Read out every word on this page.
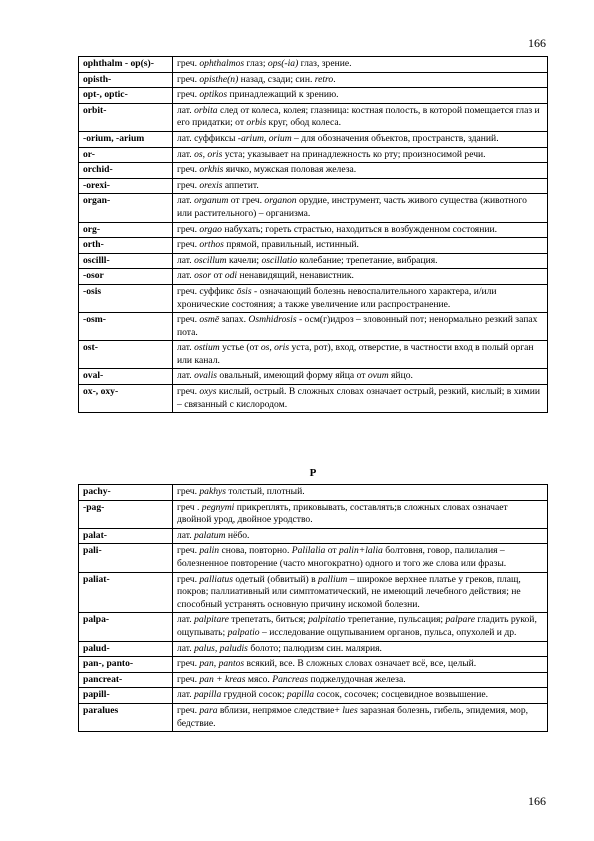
166
ophthalm - op(s)-	греч. ophthalmos глаз; ops(-ia) глаз, зрение.
opisth-	греч. opisthe(n) назад, сзади; син. retro.
opt-, optic-	греч. optikos принадлежащий к зрению.
orbit-	лат. orbita след от колеса, колея; глазница: костная полость, в которой помещается глаз и его придатки; от orbis круг, обод колеса.
-orium, -arium	лат. суффиксы -arium, orium – для обозначения объектов, пространств, зданий.
or-	лат. os, oris уста; указывает на принадлежность ко рту; произносимой речи.
orchid-	греч. orkhis яичко, мужская половая железа.
-orexi-	греч. orexis аппетит.
organ-	лат. organum от греч. organon орудие, инструмент, часть живого существа (животного или растительного) – организма.
org-	греч. orgao набухать; гореть страстью, находиться в возбужденном состоянии.
orth-	греч. orthos прямой, правильный, истинный.
oscilll-	лат. oscillum качели; oscillatio колебание; трепетание, вибрация.
-osor	лат. osor от odi ненавидящий, ненавистник.
-osis	греч. суффикс ōsis - означающий болезнь невоспалительного характера, и/или хронические состояния; а также увеличение или распространение.
-osm-	греч. osmē запах. Osmhidrosis - осм(г)идроз – зловонный пот; ненормально резкий запах пота.
ost-	лат. ostium устье (от os, oris уста, рот), вход, отверстие, в частности вход в полый орган или канал.
oval-	лат. ovalis овальный, имеющий форму яйца от ovum яйцо.
ox-, oxy-	греч. oxys кислый, острый. В сложных словах означает острый, резкий, кислый; в химии – связанный с кислородом.
P
pachy-	греч. pakhys толстый, плотный.
-pag-	греч . pegnymi прикреплять, приковывать, составлять;в сложных словах означает двойной урод, двойное уродство.
palat-	лат. palatum нёбо.
pali-	греч. palin снова, повторно. Palilalia от palin+lalia болтовня, говор, палилалия – болезненное повторение (часто многократно) одного и того же слова или фразы.
paliat-	греч. palliatus одетый (обвитый) в pallium – широкое верхнее платье у греков, плащ, покров; паллиативный или симптоматический, не имеющий лечебного действия; не способный устранять основную причину искомой болезни.
palpa-	лат. palpitare трепетать, биться; palpitatio трепетание, пульсация; palpare гладить рукой, ощупывать; palpatio – исследование ощупыванием органов, пульса, опухолей и др.
palud-	лат. palus, paludis болото; палюдизм син. малярия.
pan-, panto-	греч. pan, pantos всякий, все. В сложных словах означает всё, все, целый.
pancreat-	греч. pan + kreas мясо. Pancreas поджелудочная железа.
papill-	лат. papilla грудной сосок; papilla сосок, сосочек; сосцевидное возвышение.
paralues	греч. para вблизи, непрямое следствие+ lues заразная болезнь, гибель, эпидемия, мор, бедствие.
166
